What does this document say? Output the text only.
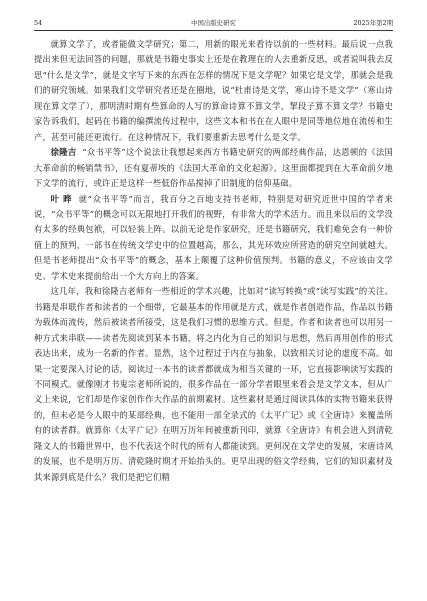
54	中国出版史研究	2025年第2期

就算文学了，或者能做文学研究；第二，用新的眼光来看待以前的一些材料。最后说一点我提出来但无法回答的问题，那就是书籍史事实上还是在教理在的人去重新反思，或者说叫我去反思“什么是文学”，就是文字写下来的东西在怎样的情况下是文学呢？如果它是文学，那就会是我们的研究领域。如果我们文学研究者还是在圈地，说“杜甫诗是文学，寒山诗不是文学”（寒山诗现在算文学了），那明清时期有些算命的人写的算命诗算不算文学，挈段子算不算文学？书籍史家告诉我们，起码在书籍的编撰流传过程中，这些文本和书在在人眼中是同等地位地在流传和生产，甚至可能还更流行。在这种情况下，我们要重新去思考什么是文学。

徐隆吉 “众书平等”这个说法让我想起来西方书籍史研究的两部经典作品，达恩顿的《法国大革命前的畅销禁书》，还有夏蒂埃的《法国大革命的文化起源》。这里面都提到在大革命前夕地下文学的流行，或许正是这样一些低俗作品搅掉了旧制度的信仰基础。

叶 晔 就“众书平等”而言，我百分之百地支持书老师，特别是对研究近世中国的学者来说，“众书平等”的概念可以无限地打开我们的视野，有非常大的学术活力。而且来以后的文学没有太多的经典包袱，可以轻装上阵。以前无论是作家研究，还是书籍研究，我们难免会有一种价值上的预判，一部书在传统文学史中的位置越高，那么，其光环效应所营造的研究空间就越大。但是书老师提出“众书平等”的概念，基本上颠覆了这种价值预判。书籍的意义，不应该由文学史、学术史来提前给出一个大方向上的答案。

这几年，我和徐隆吉老师有一些相近的学术兴趣，比如对“读写转换”或“读写实践”的关注。书籍是串联作者和读者的一个细带，它最基本的作用就是方式，就是作者创造作品，作品以书籍为载体而流传，然后被读者所接受，这是我们习惯的思维方式。但是，作者和读者也可以用另一种方式来串联——读者先阅读到某本书籍，将之内化为自己的知识与思想，然后再用创作的形式表达出来，成为一名新的作者。显然，这个过程过于内在与抽象，以致相关讨论的虚度不高。如果一定要深入讨论的话，阅读过一本书的读者都就成为相当关键的一环，它直接影响读写实践的不同模式。就像刚才书鬼宗老师所说的，很多作品在一部分学者眼里来看会是文学文本，但从广义上来说，它们却是作家创作作大作品的前期素材。这些素材是通过阅读具体的实物书籍来获得的，但未必是今人眼中的某部经典，也不能用一部全录式的《太平广记》或《全唐诗》来覆盖所有的读者群。就算你《太平广记》在明万历年间被重新刊印，就算《全唐诗》有机会进入到清乾隆文人的书籍世界中，也不代表这个时代的所有人都能读到。更何况在文学史的发展，宋唐诗风的发展，也不是明万历、清乾隆时期才开始抬头的。更早出现的俗文学经典，它们的知识素材及其来源到底是什么？我们是把它们精
